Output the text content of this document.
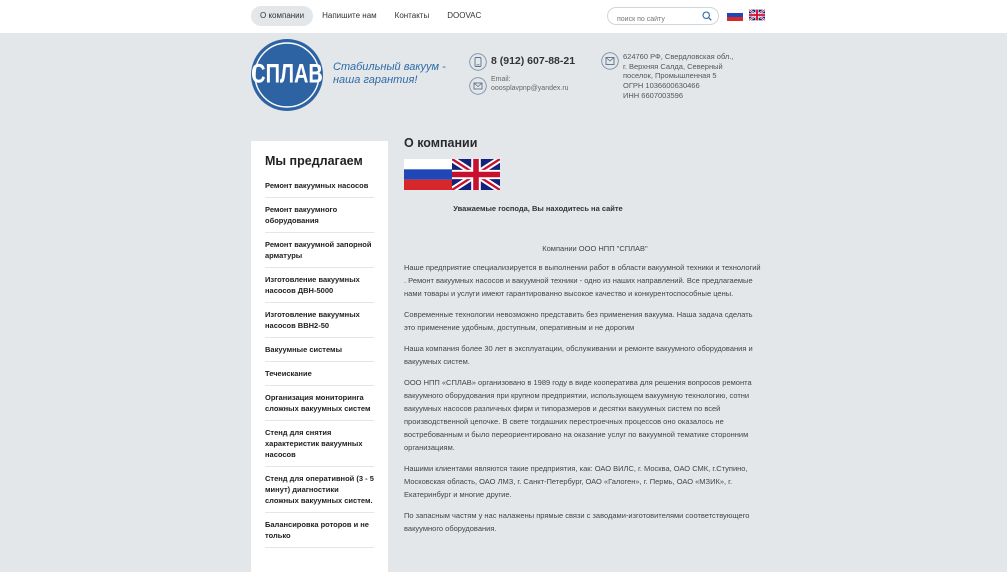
О компании	Напишите нам	Контакты	DOOVAC
поиск по сайту
СПЛАВ Стабильный вакуум -
наша гарантия!
8 (912) 607-88-21
Email:
ooosplavpnp@yandex.ru
624760 РФ, Свердловская обл.,
г. Верхняя Салда, Северный
поселок, Промышленная 5
ОГРН 1036600630466
ИНН 6607003596
Мы предлагаем
Ремонт вакуумных насосов
Ремонт вакуумного оборудования
Ремонт вакуумной запорной арматуры
Изготовление вакуумных насосов ДВН-5000
Изготовление вакуумных насосов ВВН2-50
Вакуумные системы
Течеискание
Организация мониторинга сложных вакуумных систем
Стенд для снятия характеристик вакуумных насосов
Стенд для оперативной (3 - 5 минут) диагностики сложных вакуумных систем.
Балансировка роторов и не только
О компании
Уважаемые господа, Вы находитесь на сайте
Компании ООО НПП "СПЛАВ"

Наше предприятие специализируется в выполнении работ в области вакуумной техники и технологий . Ремонт вакуумных насосов и вакуумной техники - одно из наших направлений. Все предлагаемые нами товары и услуги имеют гарантированно высокое качество и конкурентоспособные цены.

Современные технологии невозможно представить без применения вакуума. Наша задача сделать это применение удобным, доступным, оперативным и не дорогим

Наша компания более 30 лет в эксплуатации, обслуживании и ремонте вакуумного оборудования и вакуумных систем.

ООО НПП «СПЛАВ» организовано в 1989 году в виде кооператива для решения вопросов ремонта вакуумного оборудования при крупном предприятии, использующем вакуумную технологию, сотни вакуумных насосов различных фирм и типоразмеров и десятки вакуумных систем по всей производственной цепочке. В свете тогдашних перестроечных процессов оно оказалось не востребованным и было переориентировано на оказание услуг по вакуумной тематике сторонним организациям.

Нашими клиентами являются такие предприятия, как: ОАО ВИЛС, г. Москва, ОАО СМК, г.Ступино, Московская область, ОАО ЛМЗ, г. Санкт-Петербург, ОАО «Галоген», г. Пермь, ОАО «МЗИК», г. Екатеринбург и многие другие.

По запасным частям у нас налажены прямые связи с заводами-изготовителями соответствующего вакуумного оборудования.
